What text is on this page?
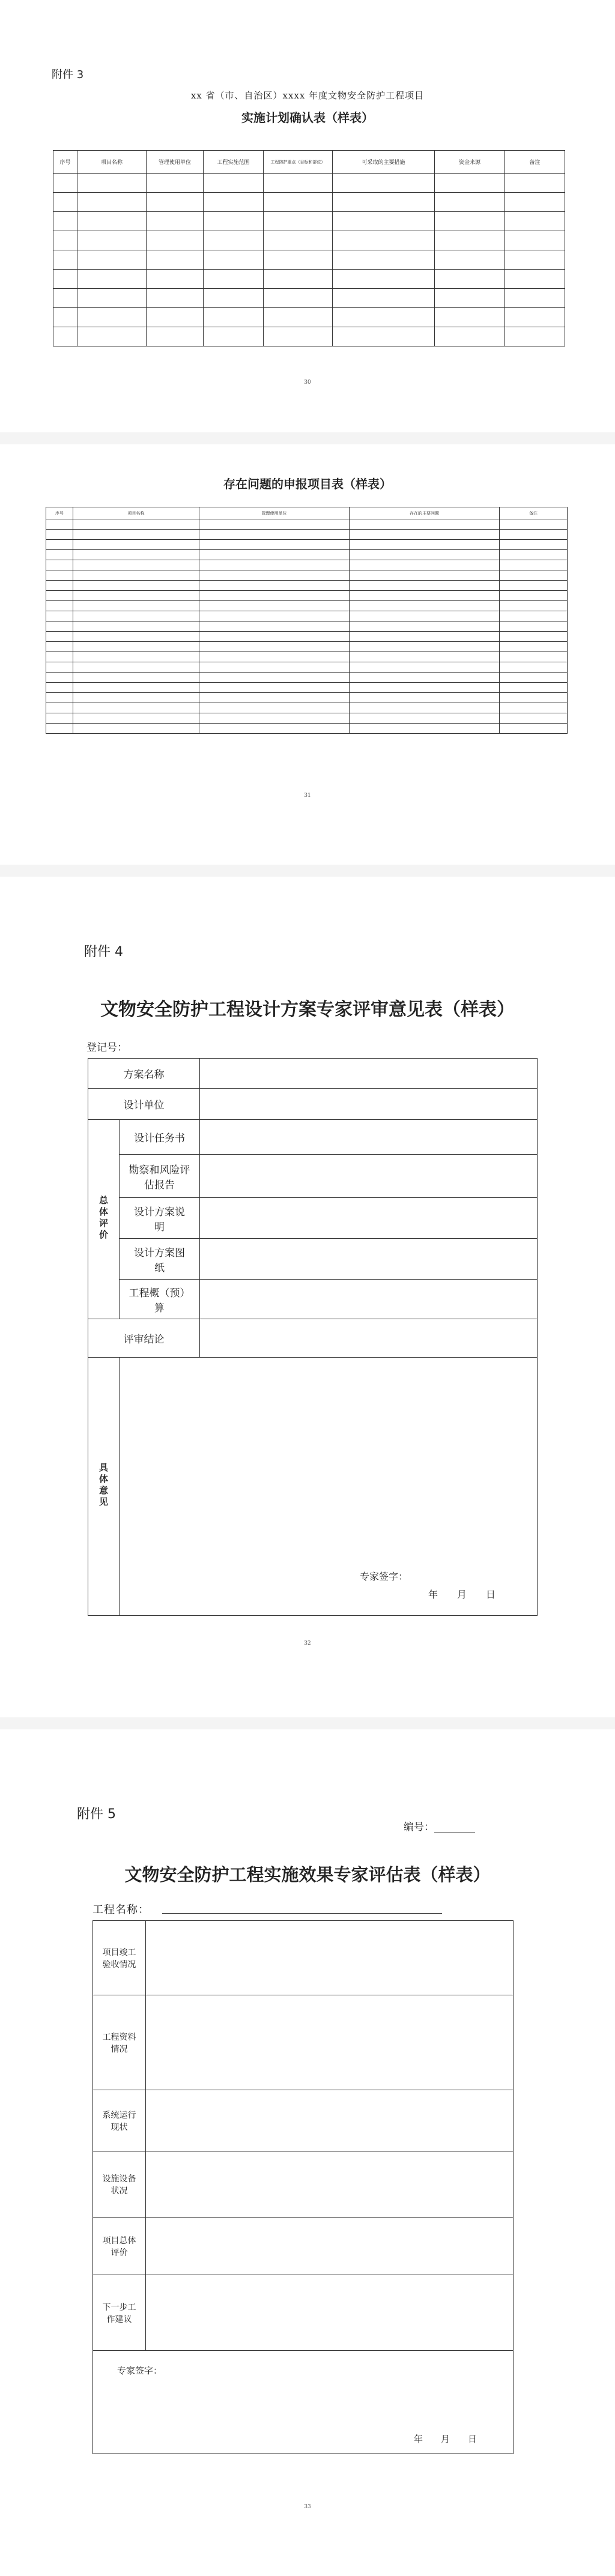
附件 3
xx 省（市、自治区）xxxx 年度文物安全防护工程项目
实施计划确认表（样表）
序号	项目名称	管理使用单位	工程实施范围	工程防护重点（目标和部位）	可采取的主要措施	资金来源	备注

30
存在问题的申报项目表（样表）
序号	项目名称	管理使用单位	存在的主要问题	备注

31
附件 4
文物安全防护工程设计方案专家评审意见表（样表）
登记号：
方案名称		
设计单位		
总体评价	设计任务书	
	勘察和风险评估报告	
	设计方案说明	
	设计方案图纸	
	工程概（预）算	
评审结论		
具体意见	专家签字：
年　　月　　日	
32
附件 5
编号：________
文物安全防护工程实施效果专家评估表（样表）
工程名称：
项目竣工验收情况	
工程资料情况	
系统运行现状	
设施设备状况	
项目总体评价	
下一步工作建议	

专家签字：
年　　月　　日	
33
